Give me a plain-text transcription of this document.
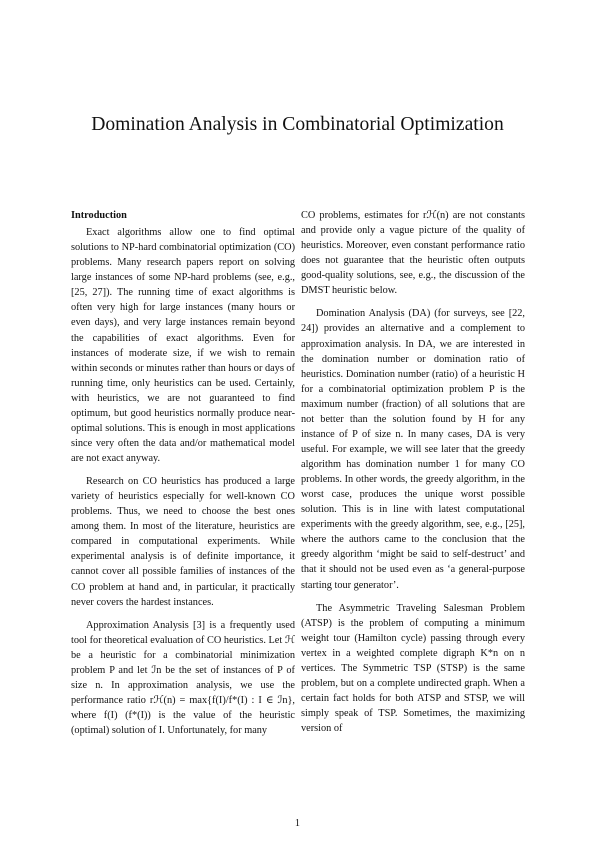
Domination Analysis in Combinatorial Optimization
Introduction

Exact algorithms allow one to find optimal solutions to NP-hard combinatorial optimization (CO) problems. Many research papers report on solving large instances of some NP-hard problems (see, e.g., [25, 27]). The running time of exact algorithms is often very high for large instances (many hours or even days), and very large instances remain beyond the capabilities of exact algorithms. Even for instances of moderate size, if we wish to remain within seconds or minutes rather than hours or days of running time, only heuristics can be used. Certainly, with heuristics, we are not guaranteed to find optimum, but good heuristics normally produce near-optimal solutions. This is enough in most applications since very often the data and/or mathematical model are not exact anyway.

Research on CO heuristics has produced a large variety of heuristics especially for well-known CO problems. Thus, we need to choose the best ones among them. In most of the literature, heuristics are compared in computational experiments. While experimental analysis is of definite importance, it cannot cover all possible families of instances of the CO problem at hand and, in particular, it practically never covers the hardest instances.

Approximation Analysis [3] is a frequently used tool for theoretical evaluation of CO heuristics. Let ℋ be a heuristic for a combinatorial minimization problem P and let ℐn be the set of instances of P of size n. In approximation analysis, we use the performance ratio rℋ(n) = max{f(I)/f*(I) : I ∈ ℐn}, where f(I) (f*(I)) is the value of the heuristic (optimal) solution of I. Unfortunately, for many

CO problems, estimates for rℋ(n) are not constants and provide only a vague picture of the quality of heuristics. Moreover, even constant performance ratio does not guarantee that the heuristic often outputs good-quality solutions, see, e.g., the discussion of the DMST heuristic below.

Domination Analysis (DA) (for surveys, see [22, 24]) provides an alternative and a complement to approximation analysis. In DA, we are interested in the domination number or domination ratio of heuristics. Domination number (ratio) of a heuristic H for a combinatorial optimization problem P is the maximum number (fraction) of all solutions that are not better than the solution found by H for any instance of P of size n. In many cases, DA is very useful. For example, we will see later that the greedy algorithm has domination number 1 for many CO problems. In other words, the greedy algorithm, in the worst case, produces the unique worst possible solution. This is in line with latest computational experiments with the greedy algorithm, see, e.g., [25], where the authors came to the conclusion that the greedy algorithm ‘might be said to self-destruct’ and that it should not be used even as ‘a general-purpose starting tour generator’.

The Asymmetric Traveling Salesman Problem (ATSP) is the problem of computing a minimum weight tour (Hamilton cycle) passing through every vertex in a weighted complete digraph K*n on n vertices. The Symmetric TSP (STSP) is the same problem, but on a complete undirected graph. When a certain fact holds for both ATSP and STSP, we will simply speak of TSP. Sometimes, the maximizing version of

1
